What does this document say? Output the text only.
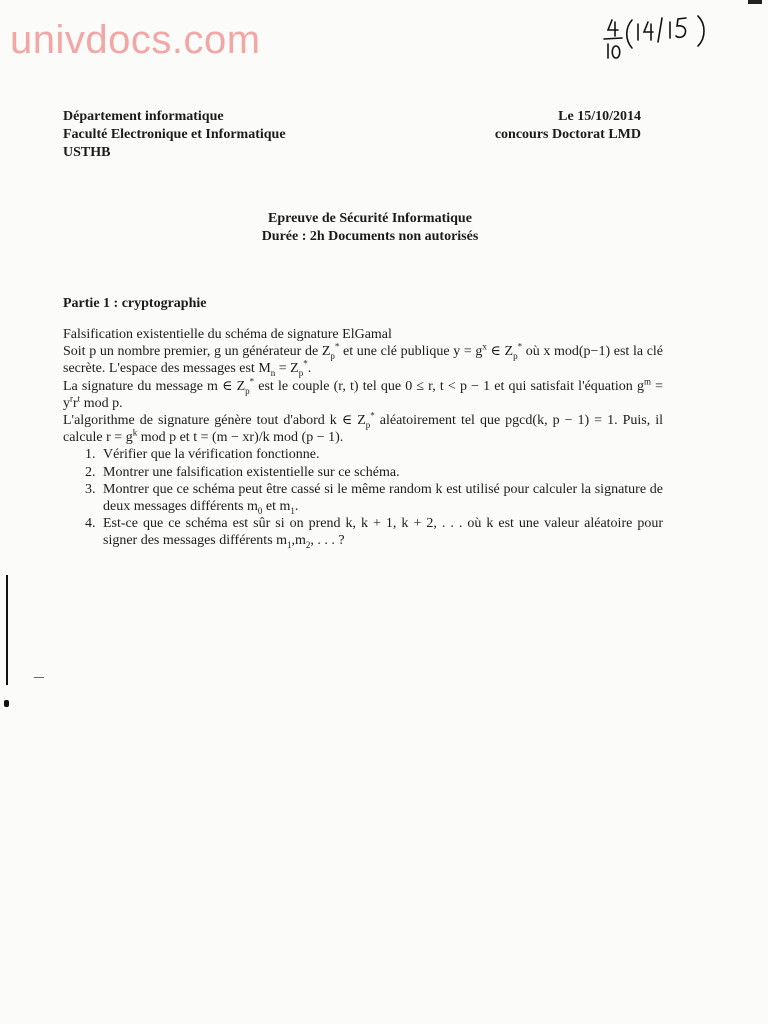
univdocs.com
Département informatique
Faculté Electronique et Informatique
USTHB
Le 15/10/2014
concours Doctorat LMD
Epreuve de Sécurité Informatique
Durée : 2h Documents non autorisés
Partie 1 : cryptographie

Falsification existentielle du schéma de signature ElGamal

Soit p un nombre premier, g un générateur de $Z_p^*$ et une clé publique $y = g^x$ ∈ $Z_p^*$ où x mod(p−1) est la clé secrète. L'espace des messages est $M_n = Z_p^*$.

La signature du message m ∈ $Z_p^*$ est le couple (r, t) tel que 0 ≤ r, t < p − 1 et qui satisfait l'équation $g^m = y^rr^t$ mod p.

L'algorithme de signature génère tout d'abord k ∈ $Z_p^*$ aléatoirement tel que pgcd(k, p − 1) = 1. Puis, il calcule $r = g^k$ mod p et t = (m − xr)/k mod (p − 1).

1. Vérifier que la vérification fonctionne.
2. Montrer une falsification existentielle sur ce schéma.
3. Montrer que ce schéma peut être cassé si le même random k est utilisé pour calculer la signature de deux messages différents $m_0$ et $m_1$.
4. Est-ce que ce schéma est sûr si on prend k, k + 1, k + 2, . . . où k est une valeur aléatoire pour signer des messages différents $m_1,m_2$, . . . ?
